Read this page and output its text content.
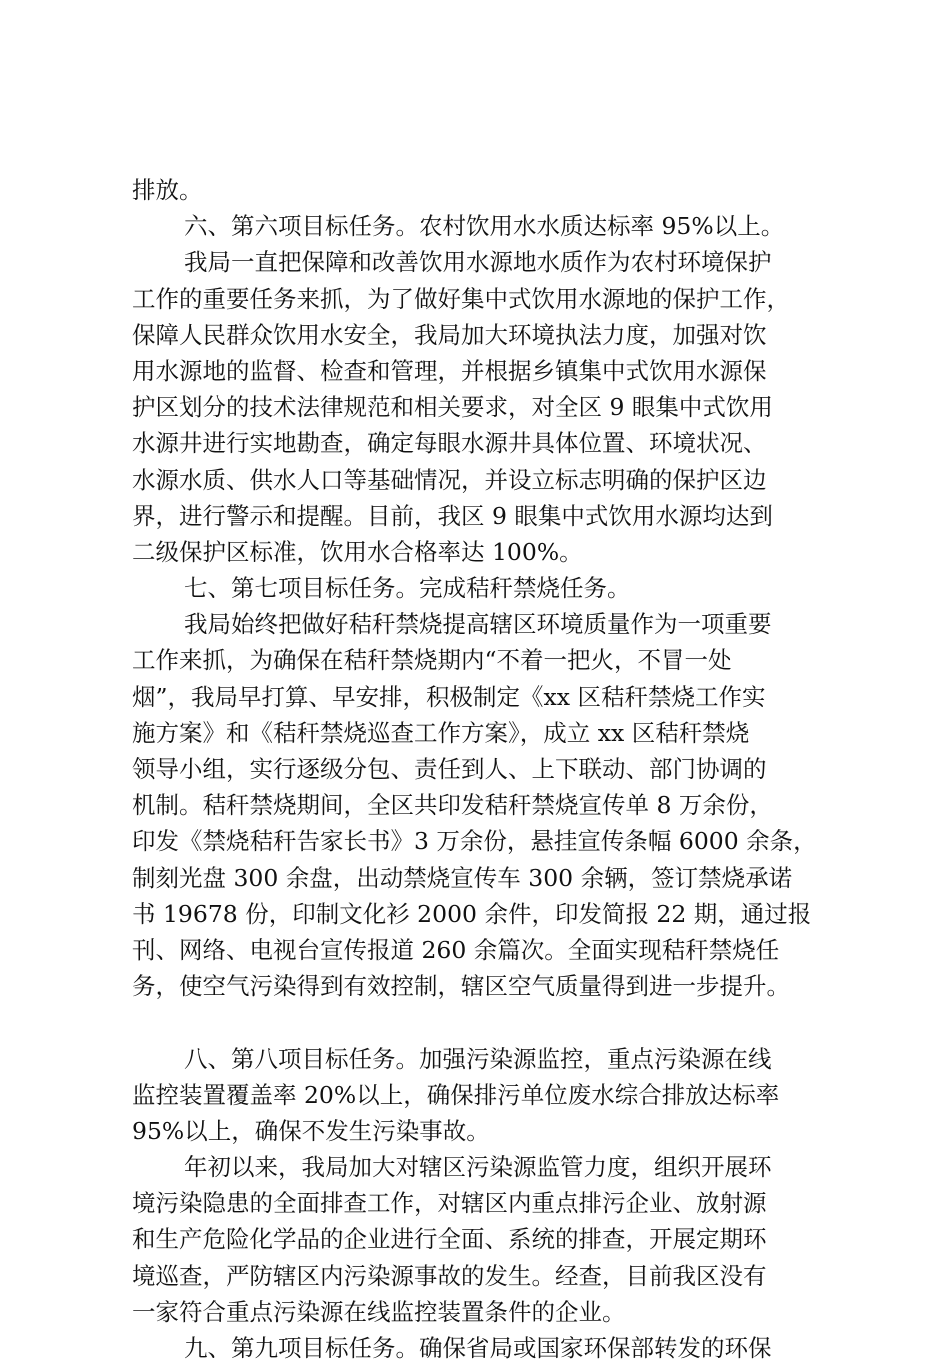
排放。
六、第六项目标任务。农村饮用水水质达标率 95%以上。
我局一直把保障和改善饮用水源地水质作为农村环境保护
工作的重要任务来抓，为了做好集中式饮用水源地的保护工作，
保障人民群众饮用水安全，我局加大环境执法力度，加强对饮
用水源地的监督、检查和管理，并根据乡镇集中式饮用水源保
护区划分的技术法律规范和相关要求，对全区 9 眼集中式饮用
水源井进行实地勘查，确定每眼水源井具体位置、环境状况、
水源水质、供水人口等基础情况，并设立标志明确的保护区边
界，进行警示和提醒。目前，我区 9 眼集中式饮用水源均达到
二级保护区标准，饮用水合格率达 100%。
七、第七项目标任务。完成秸秆禁烧任务。
我局始终把做好秸秆禁烧提高辖区环境质量作为一项重要
工作来抓，为确保在秸秆禁烧期内“不着一把火，不冒一处
烟”，我局早打算、早安排，积极制定《xx 区秸秆禁烧工作实
施方案》和《秸秆禁烧巡查工作方案》，成立 xx 区秸秆禁烧
领导小组，实行逐级分包、责任到人、上下联动、部门协调的
机制。秸秆禁烧期间，全区共印发秸秆禁烧宣传单 8 万余份，
印发《禁烧秸秆告家长书》3 万余份，悬挂宣传条幅 6000 余条，
制刻光盘 300 余盘，出动禁烧宣传车 300 余辆，签订禁烧承诺
书 19678 份，印制文化衫 2000 余件，印发简报 22 期，通过报
刊、网络、电视台宣传报道 260 余篇次。全面实现秸秆禁烧任
务，使空气污染得到有效控制，辖区空气质量得到进一步提升。
八、第八项目标任务。加强污染源监控，重点污染源在线
监控装置覆盖率 20%以上，确保排污单位废水综合排放达标率
95%以上，确保不发生污染事故。
年初以来，我局加大对辖区污染源监管力度，组织开展环
境污染隐患的全面排查工作，对辖区内重点排污企业、放射源
和生产危险化学品的企业进行全面、系统的排查，开展定期环
境巡查，严防辖区内污染源事故的发生。经查，目前我区没有
一家符合重点污染源在线监控装置条件的企业。
九、第九项目标任务。确保省局或国家环保部转发的环保
